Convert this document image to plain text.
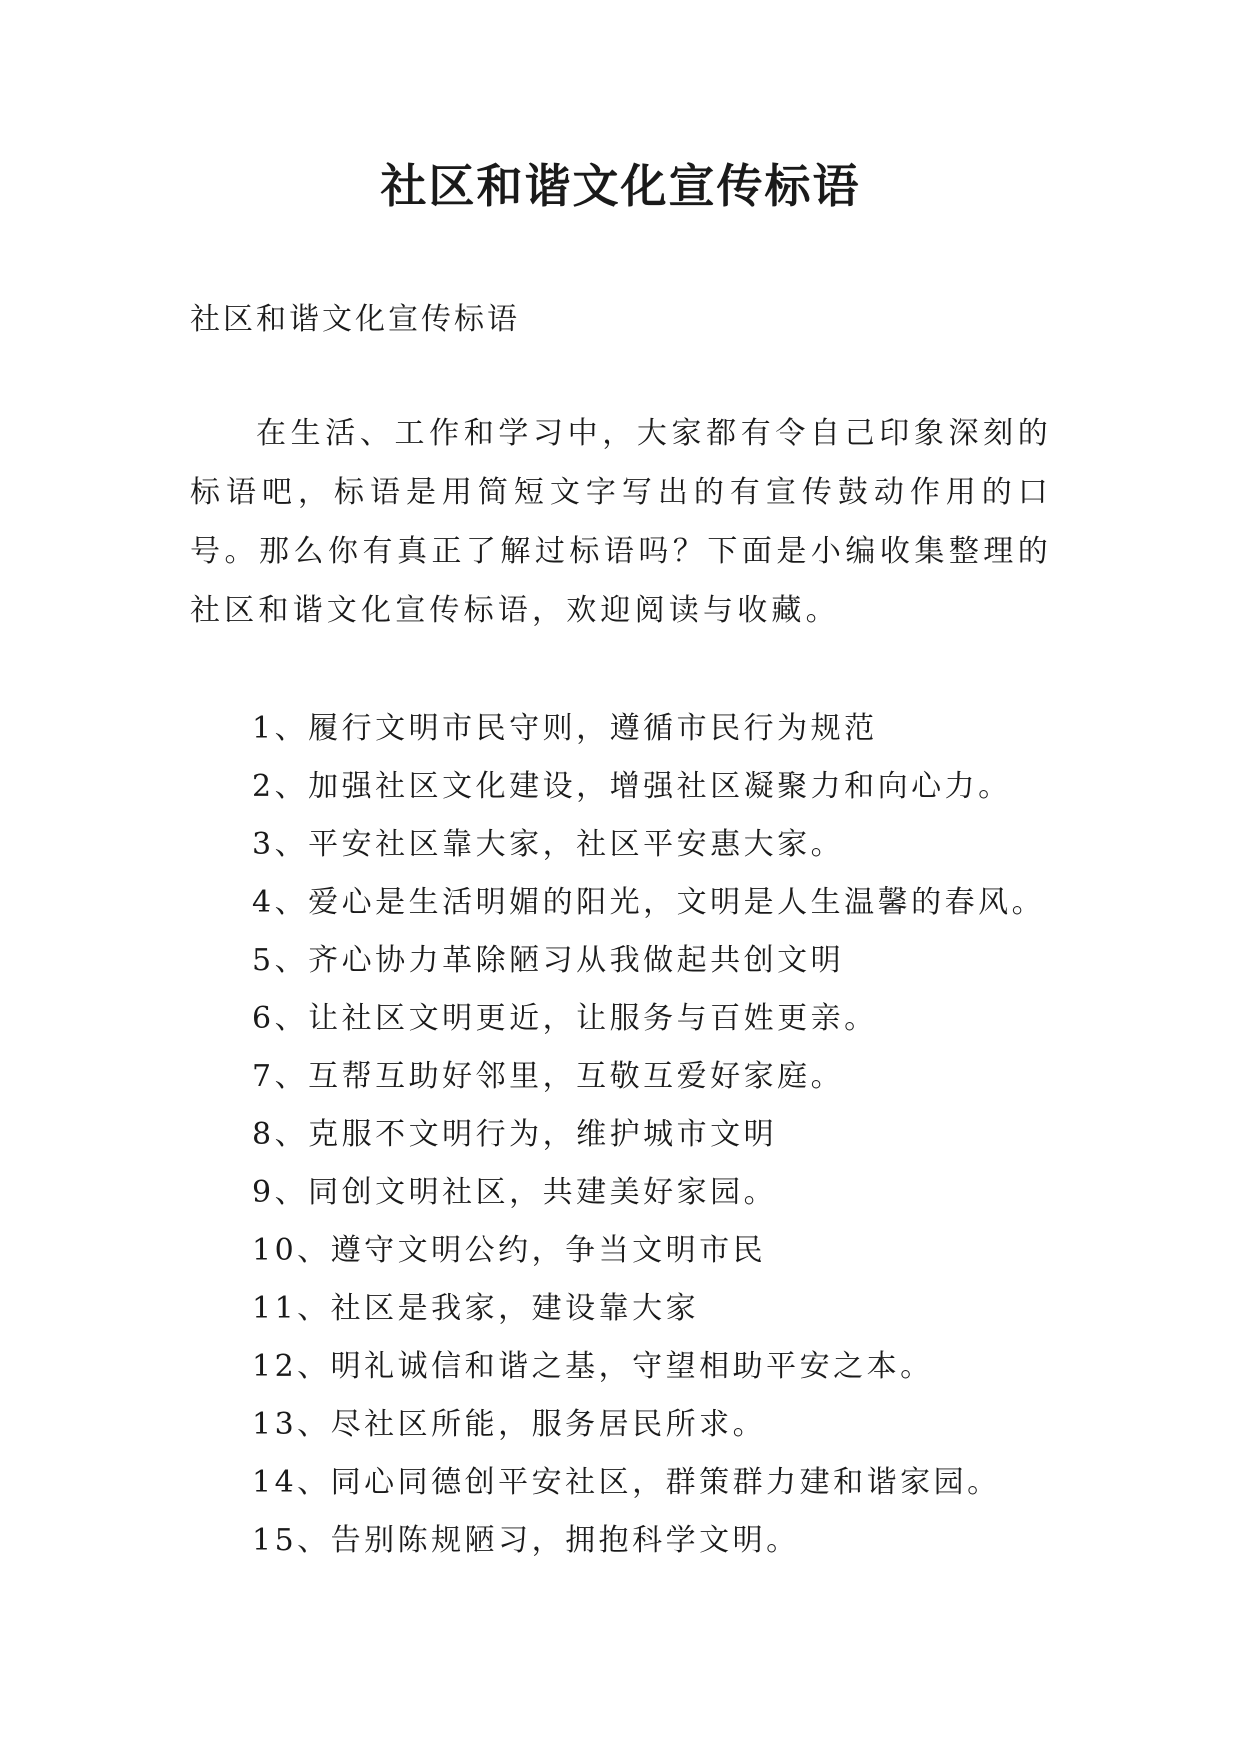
社区和谐文化宣传标语
社区和谐文化宣传标语

在生活、工作和学习中，大家都有令自己印象深刻的标语吧，标语是用简短文字写出的有宣传鼓动作用的口号。那么你有真正了解过标语吗？下面是小编收集整理的社区和谐文化宣传标语，欢迎阅读与收藏。

1、履行文明市民守则，遵循市民行为规范
2、加强社区文化建设，增强社区凝聚力和向心力。
3、平安社区靠大家，社区平安惠大家。
4、爱心是生活明媚的阳光，文明是人生温馨的春风。
5、齐心协力革除陋习从我做起共创文明
6、让社区文明更近，让服务与百姓更亲。
7、互帮互助好邻里，互敬互爱好家庭。
8、克服不文明行为，维护城市文明
9、同创文明社区，共建美好家园。
10、遵守文明公约，争当文明市民
11、社区是我家，建设靠大家
12、明礼诚信和谐之基，守望相助平安之本。
13、尽社区所能，服务居民所求。
14、同心同德创平安社区，群策群力建和谐家园。
15、告别陈规陋习，拥抱科学文明。
